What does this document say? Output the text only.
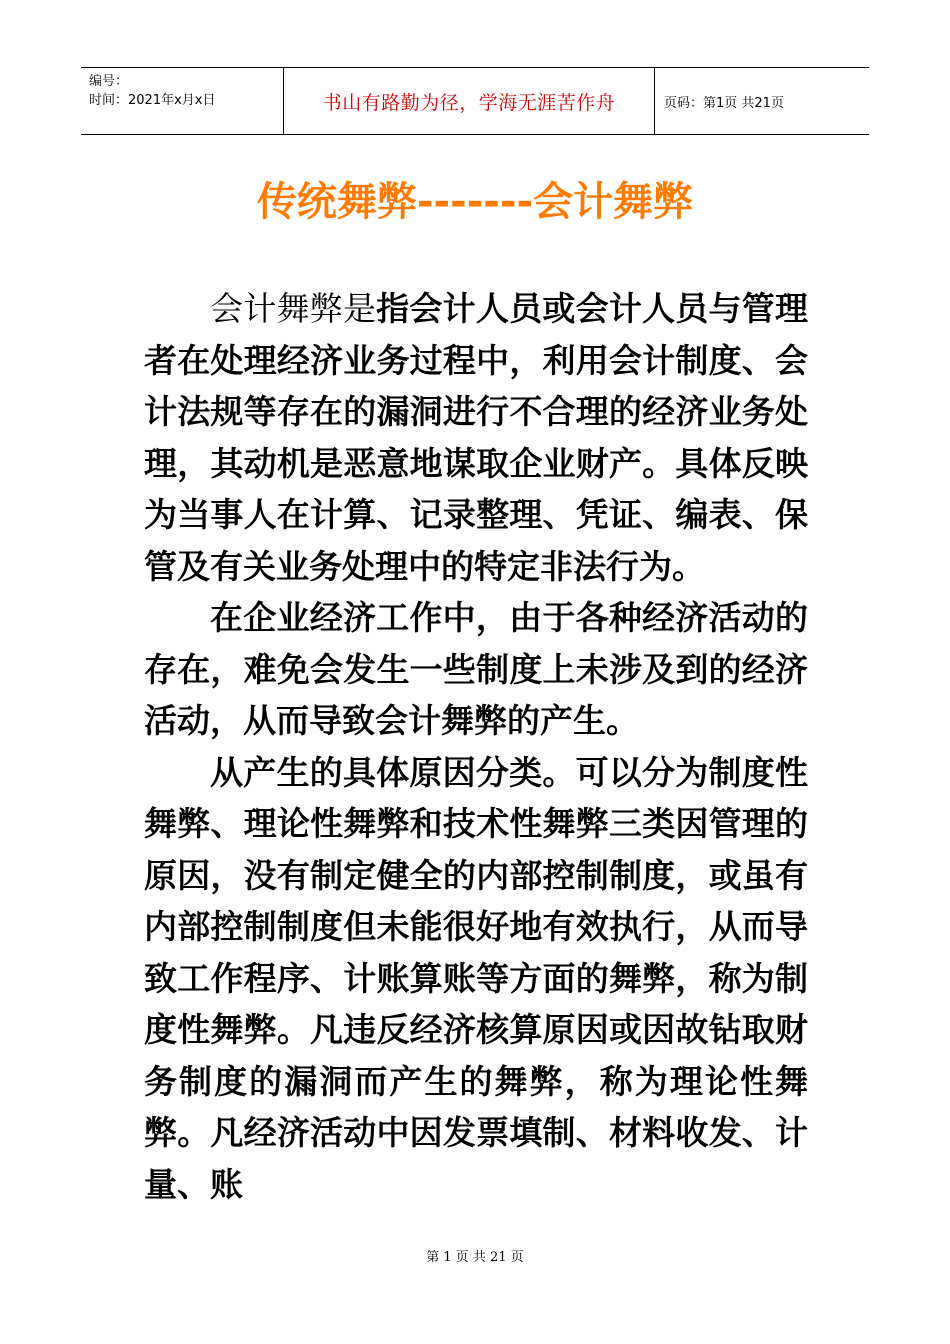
编号：
时间：2021年x月x日	书山有路勤为径，学海无涯苦作舟	页码：第1页 共21页
传统舞弊-------会计舞弊

会计舞弊是指会计人员或会计人员与管理者在处理经济业务过程中，利用会计制度、会计法规等存在的漏洞进行不合理的经济业务处理，其动机是恶意地谋取企业财产。具体反映为当事人在计算、记录整理、凭证、编表、保管及有关业务处理中的特定非法行为。

在企业经济工作中，由于各种经济活动的存在，难免会发生一些制度上未涉及到的经济活动，从而导致会计舞弊的产生。

从产生的具体原因分类。可以分为制度性舞弊、理论性舞弊和技术性舞弊三类因管理的原因，没有制定健全的内部控制制度，或虽有内部控制制度但未能很好地有效执行，从而导致工作程序、计账算账等方面的舞弊，称为制度性舞弊。凡违反经济核算原因或因故钻取财务制度的漏洞而产生的舞弊，称为理论性舞弊。凡经济活动中因发票填制、材料收发、计量、账

第 1 页 共 21 页
